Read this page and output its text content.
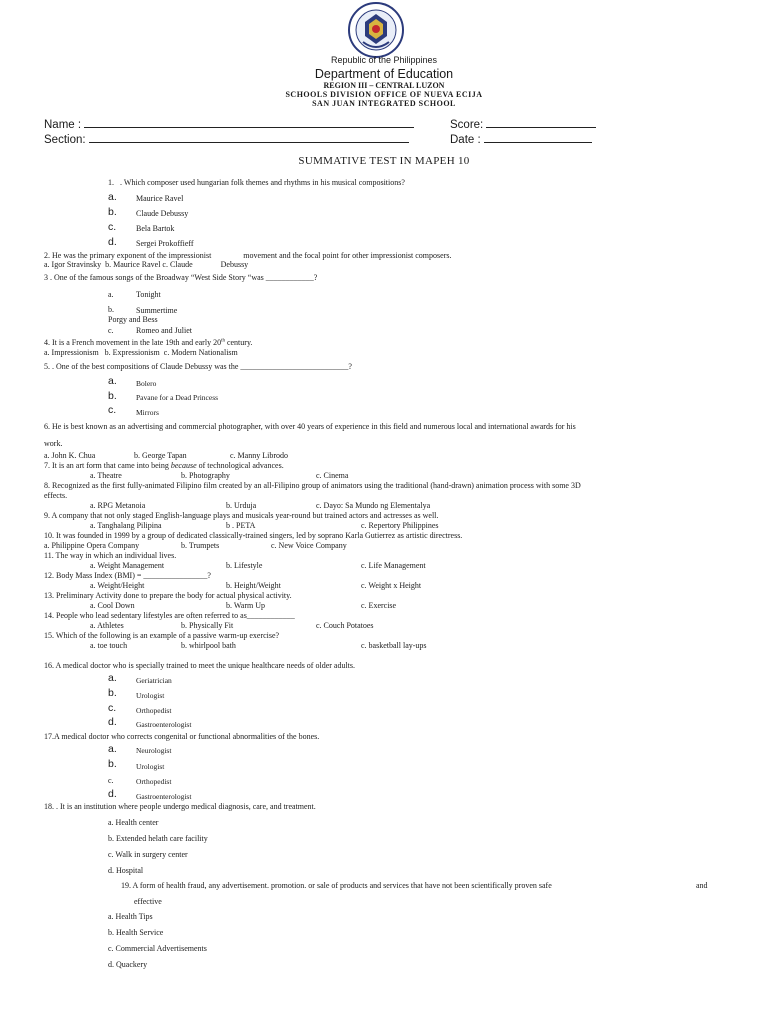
Republic of the Philippines
Department of Education
REGION III – CENTRAL LUZON
SCHOOLS DIVISION OFFICE OF NUEVA ECIJA
SAN JUAN INTEGRATED SCHOOL
Name :	Score:
Section:	Date :
SUMMATIVE TEST IN MAPEH 10
1. . Which composer used hungarian folk themes and rhythms in his musical compositions?
a. Maurice Ravel
b. Claude Debussy
c. Bela Bartok
d. Sergei Prokoffieff
2. He was the primary exponent of the impressionist                movement and the focal point for other impressionist composers.
a. Igor Stravinsky  b. Maurice Ravel c. Claude              Debussy
3 . One of the famous songs of the Broadway “West Side Story “was ____________?
a.	Tonight
b.	Summertime
Porgy and Bess
c.	Romeo and Juliet
4. It is a French movement in the late 19th and early 20th century.
a. Impressionism   b. Expressionism  c. Modern Nationalism
5. . One of the best compositions of Claude Debussy was the ___________________________?
a.	Bolero
b.	Pavane for a Dead Princess
c.	Mirrors
6. He is best known as an advertising and commercial photographer, with over 40 years of experience in this field and numerous local and international awards for his
work.
a. John K. Chua	b. George Tapan	c. Manny Librodo
7. It is an art form that came into being because of technological advances.
a. Theatre	b. Photography	c. Cinema
8. Recognized as the first fully-animated Filipino film created by an all-Filipino group of animators using the traditional (hand-drawn) animation process with some 3D
effects.
a. RPG Metanoia	b. Urduja	c. Dayo: Sa Mundo ng Elementalya
9. A company that not only staged English-language plays and musicals year-round but trained actors and actresses as well.
a. Tanghalang Pilipina	b . PETA	c. Repertory Philippines
10. It was founded in 1999 by a group of dedicated classically-trained singers, led by soprano Karla Gutierrez as artistic directress.
a. Philippine Opera Company	b. Trumpets	c. New Voice Company
11. The way in which an individual lives.
a. Weight Management	b. Lifestyle	c. Life Management
12. Body Mass Index (BMI) = ________________?
a. Weight/Height	b. Height/Weight	c. Weight x Height
13. Preliminary Activity done to prepare the body for actual physical activity.
a. Cool Down	b. Warm Up	c. Exercise
14. People who lead sedentary lifestyles are often referred to as____________
a. Athletes	b. Physically Fit	c. Couch Potatoes
15. Which of the following is an example of a passive warm-up exercise?
a. toe touch	b. whirlpool bath	c. basketball lay-ups
16. A medical doctor who is specially trained to meet the unique healthcare needs of older adults.
a.	Geriatrician
b.	Urologist
c.	Orthopedist
d.	Gastroenterologist
17.A medical doctor who corrects congenital or functional abnormalities of the bones.
a.	Neurologist
b.	Urologist
c.	Orthopedist
d.	Gastroenterologist
18. . It is an institution where people undergo medical diagnosis, care, and treatment.
a. Health center
b. Extended helath care facility
c. Walk in surgery center
d. Hospital
19. A form of health fraud, any advertisement. promotion. or sale of products and services that have not been scientifically proven safe	and
effective
a. Health Tips
b. Health Service
c. Commercial Advertisements
d. Quackery
